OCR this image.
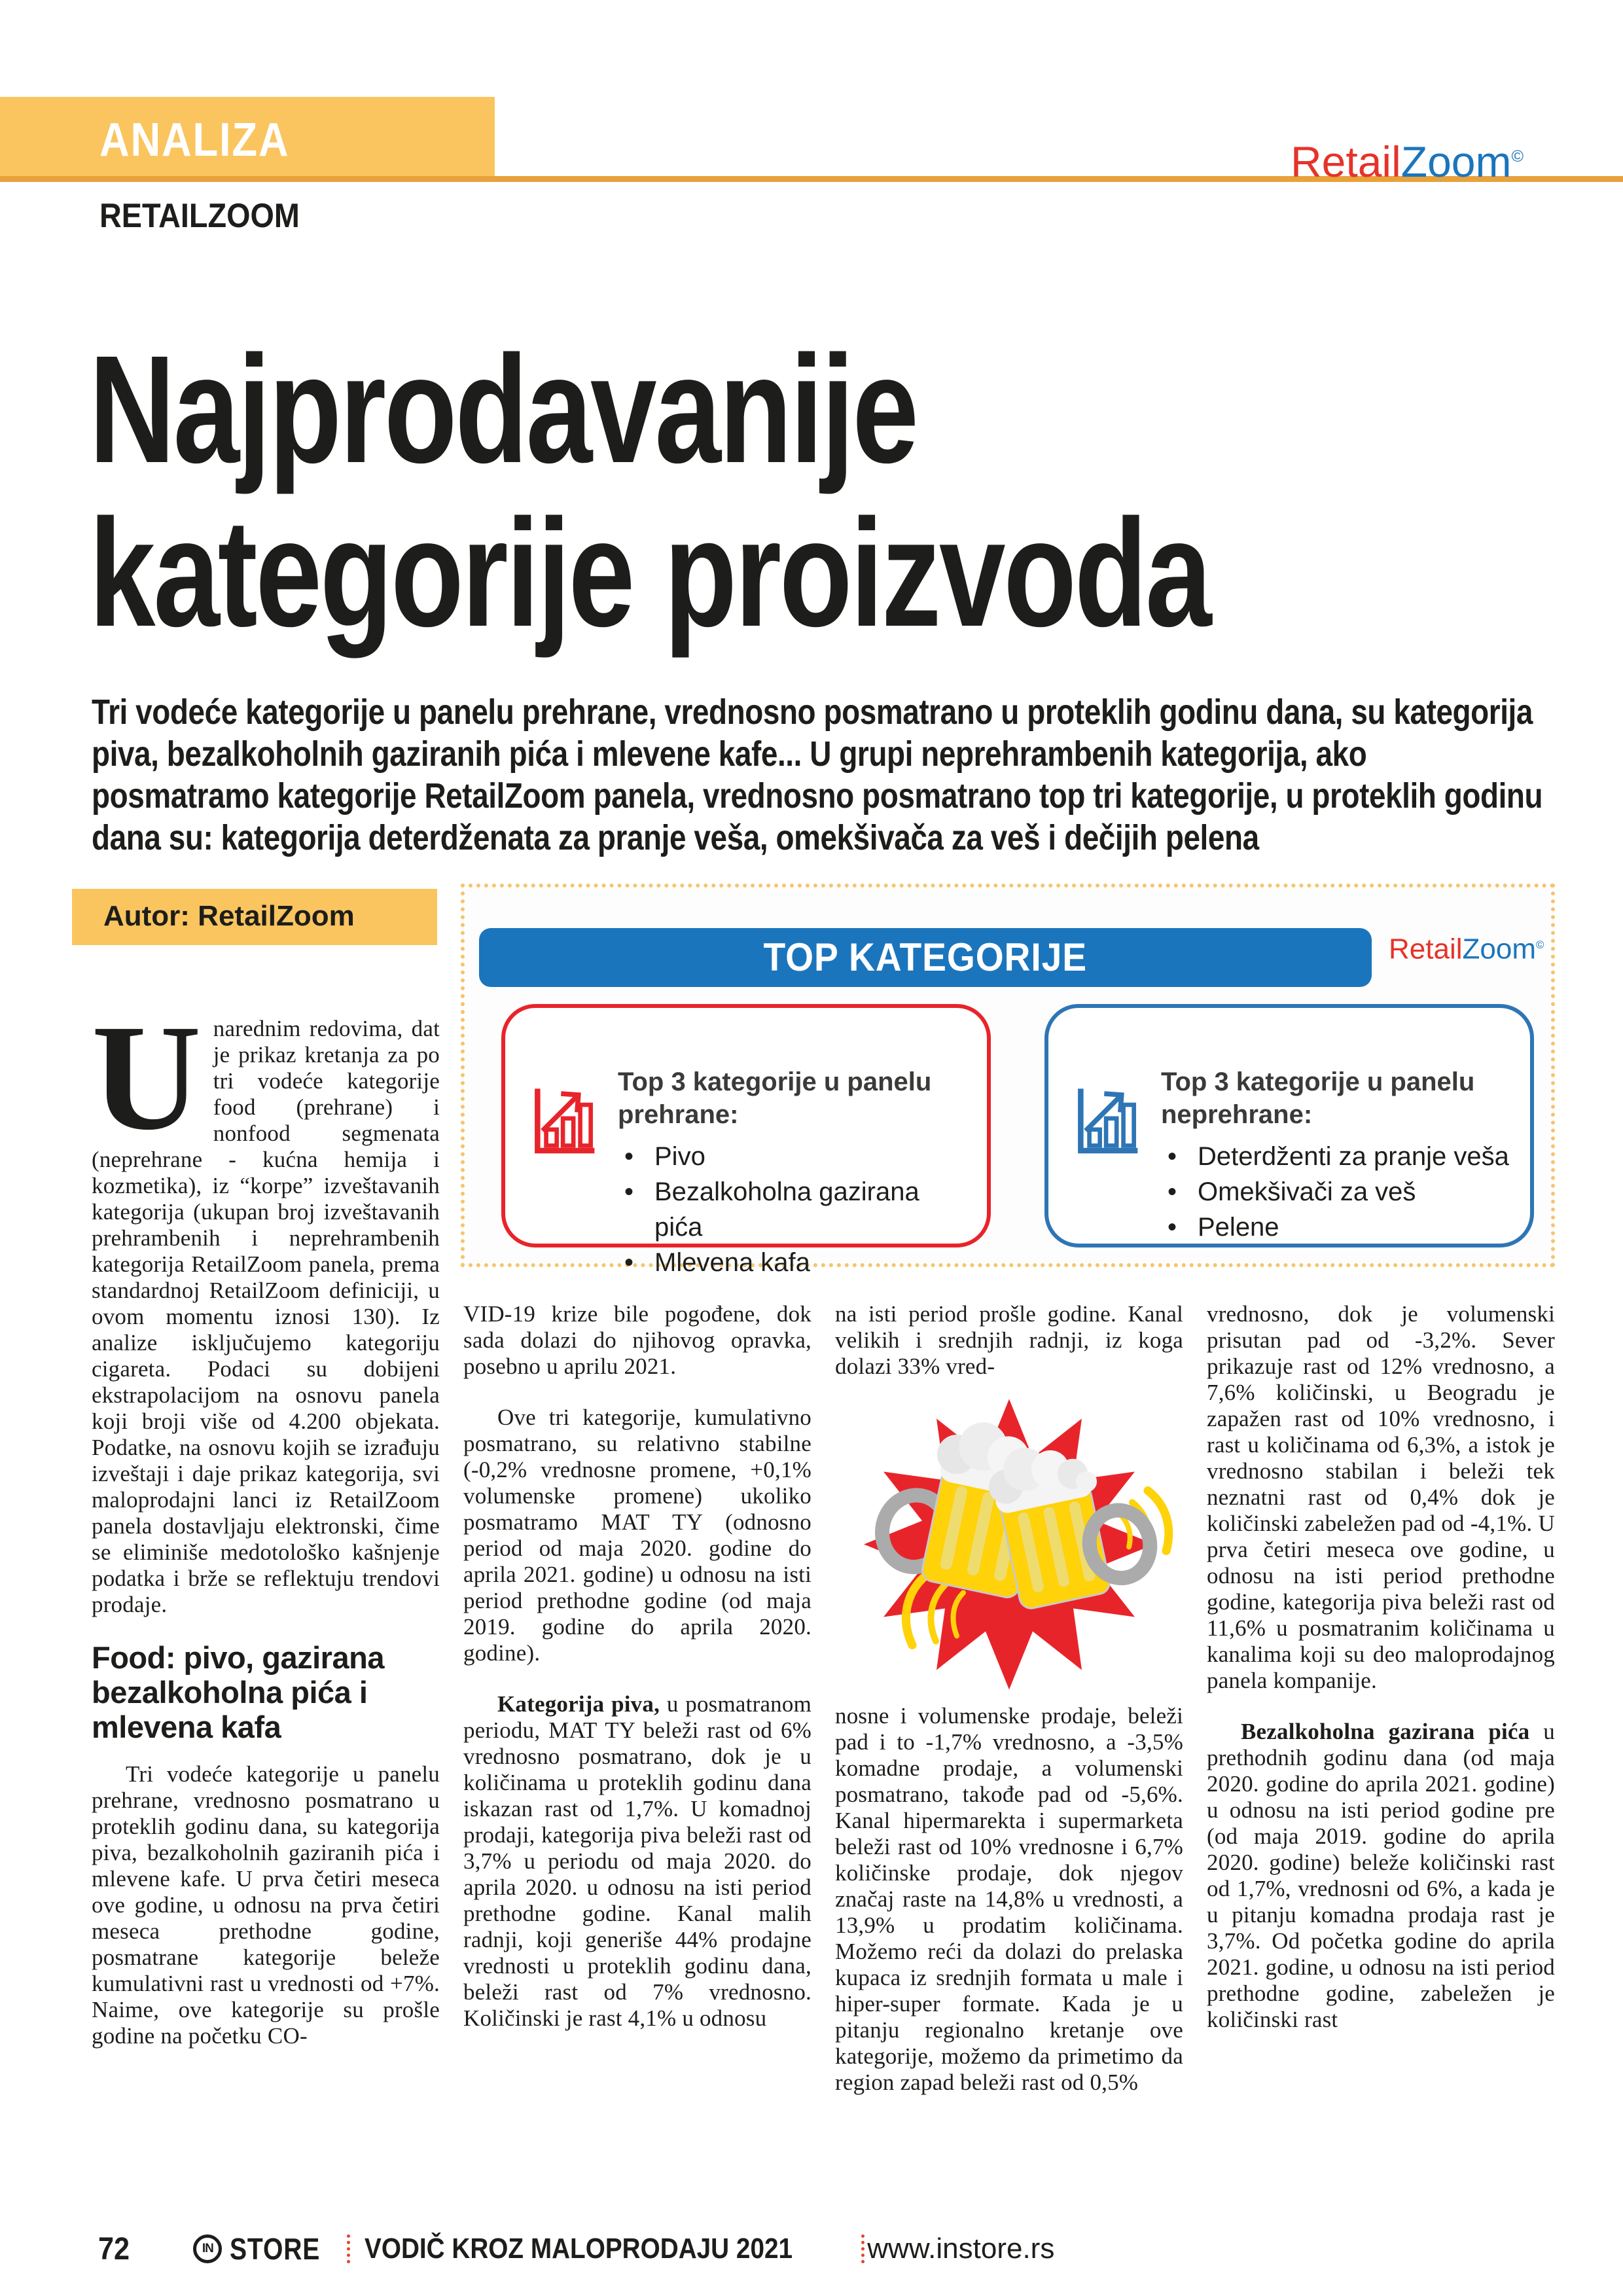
ANALIZA	RetailZoom©
RETAILZOOM
Najprodavanije
kategorije proizvoda

Tri vodeće kategorije u panelu prehrane, vrednosno posmatrano u proteklih godinu dana, su kategorija piva, bezalkoholnih gaziranih pića i mlevene kafe... U grupi neprehrambenih kategorija, ako posmatramo kategorije RetailZoom panela, vrednosno posmatrano top tri kategorije, u proteklih godinu dana su: kategorija deterdženata za pranje veša, omekšivača za veš i dečijih pelena

Autor: RetailZoom
TOP KATEGORIJE	RetailZoom©
Top 3 kategorije u panelu prehrane:
• Pivo
• Bezalkoholna gazirana pića
• Mlevena kafa
Top 3 kategorije u panelu neprehrane:
• Deterdženti za pranje veša
• Omekšivači za veš
• Pelene

Unarednim redovima, dat je prikaz kretanja za po tri vodeće kategorije food (prehrane) i nonfood segmenata (neprehrane - kućna hemija i kozmetika), iz “korpe” izveštavanih kategorija (ukupan broj izveštavanih prehrambenih i neprehrambenih kategorija RetailZoom panela, prema standardnoj RetailZoom definiciji, u ovom momentu iznosi 130). Iz analize isključujemo kategoriju cigareta. Podaci su dobijeni ekstrapolacijom na osnovu panela koji broji više od 4.200 objekata. Podatke, na osnovu kojih se izrađuju izveštaji i daje prikaz kategorija, svi maloprodajni lanci iz RetailZoom panela dostavljaju elektronski, čime se eliminiše medotološko kašnjenje podatka i brže se reflektuju trendovi prodaje.

Food: pivo, gazirana bezalkoholna pića i mlevena kafa

Tri vodeće kategorije u panelu prehrane, vrednosno posmatrano u proteklih godinu dana, su kategorija piva, bezalkoholnih gaziranih pića i mlevene kafe. U prva četiri meseca ove godine, u odnosu na prva četiri meseca prethodne godine, posmatrane kategorije beleže kumulativni rast u vrednosti od +7%. Naime, ove kategorije su prošle godine na početku CO-

VID-19 krize bile pogođene, dok sada dolazi do njihovog opravka, posebno u aprilu 2021.

Ove tri kategorije, kumulativno posmatrano, su relativno stabilne (-0,2% vrednosne promene, +0,1% volumenske promene) ukoliko posmatramo MAT TY (odnosno period od maja 2020. godine do aprila 2021. godine) u odnosu na isti period prethodne godine (od maja 2019. godine do aprila 2020. godine).

Kategorija piva, u posmatranom periodu, MAT TY beleži rast od 6% vrednosno posmatrano, dok je u količinama u proteklih godinu dana iskazan rast od 1,7%. U komadnoj prodaji, kategorija piva beleži rast od 3,7% u periodu od maja 2020. do aprila 2020. u odnosu na isti period prethodne godine. Kanal malih radnji, koji generiše 44% prodajne vrednosti u proteklih godinu dana, beleži rast od 7% vrednosno. Količinski je rast 4,1% u odnosu

na isti period prošle godine. Kanal velikih i srednjih radnji, iz koga dolazi 33% vred-

nosne i volumenske prodaje, beleži pad i to -1,7% vrednosno, a -3,5% komadne prodaje, a volumenski posmatrano, takođe pad od -5,6%. Kanal hipermarekta i supermarketa beleži rast od 10% vrednosne i 6,7% količinske prodaje, dok njegov značaj raste na 14,8% u vrednosti, a 13,9% u prodatim količinama. Možemo reći da dolazi do prelaska kupaca iz srednjih formata u male i hiper-super formate. Kada je u pitanju regionalno kretanje ove kategorije, možemo da primetimo da region zapad beleži rast od 0,5%

vrednosno, dok je volumenski prisutan pad od -3,2%. Sever prikazuje rast od 12% vrednosno, a 7,6% količinski, u Beogradu je zapažen rast od 10% vrednosno, i rast u količinama od 6,3%, a istok je vrednosno stabilan i beleži tek neznatni rast od 0,4% dok je količinski zabeležen pad od -4,1%. U prva četiri meseca ove godine, u odnosu na isti period prethodne godine, kategorija piva beleži rast od 11,6% u posmatranim količinama u kanalima koji su deo maloprodajnog panela kompanije.

Bezalkoholna gazirana pića u prethodnih godinu dana (od maja 2020. godine do aprila 2021. godine) u odnosu na isti period godine pre (od maja 2019. godine do aprila 2020. godine) beleže količinski rast od 1,7%, vrednosni od 6%, a kada je u pitanju komadna prodaja rast je 3,7%. Od početka godine do aprila 2021. godine, u odnosu na isti period prethodne godine, zabeležen je količinski rast

72	IN STORE VODIČ KROZ MALOPRODAJU 2021	www.instore.rs
